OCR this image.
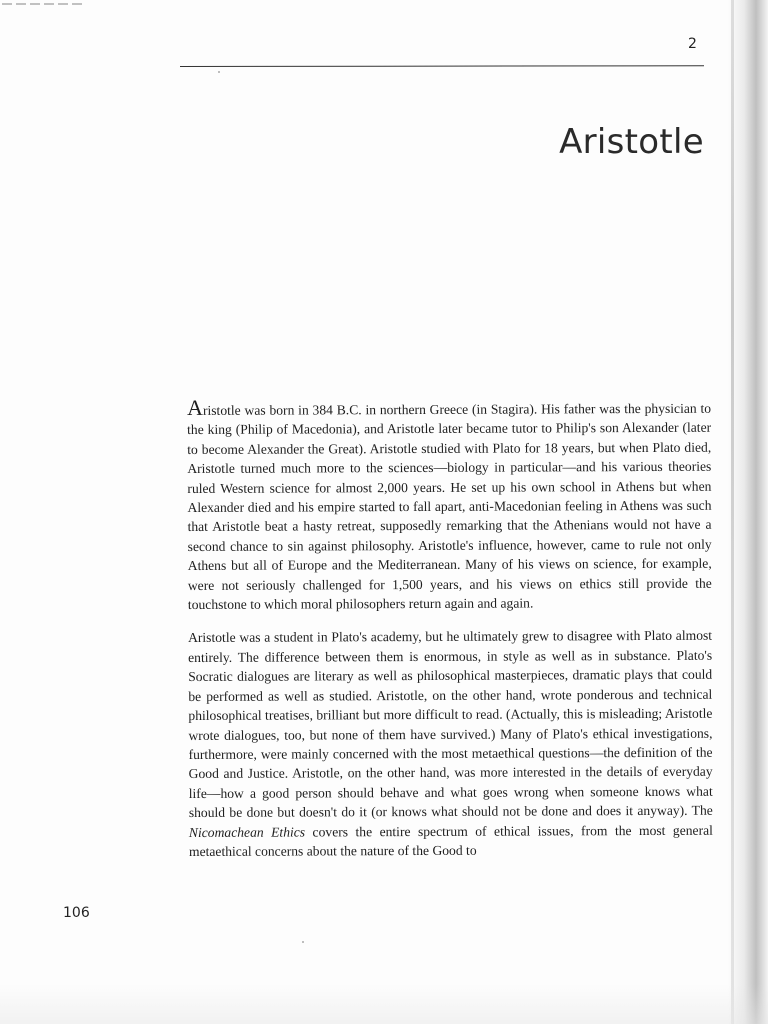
2
Aristotle

Aristotle was born in 384 B.C. in northern Greece (in Stagira). His father was the physician to the king (Philip of Macedonia), and Aristotle later became tutor to Philip's son Alexander (later to become Alexander the Great). Aristotle studied with Plato for 18 years, but when Plato died, Aristotle turned much more to the sciences—biology in particular—and his various theories ruled Western science for almost 2,000 years. He set up his own school in Athens but when Alexander died and his empire started to fall apart, anti-Macedonian feeling in Athens was such that Aristotle beat a hasty retreat, supposedly remarking that the Athenians would not have a second chance to sin against philosophy. Aristotle's influence, however, came to rule not only Athens but all of Europe and the Mediterranean. Many of his views on science, for example, were not seriously challenged for 1,500 years, and his views on ethics still provide the touchstone to which moral philosophers return again and again.

Aristotle was a student in Plato's academy, but he ultimately grew to disagree with Plato almost entirely. The difference between them is enormous, in style as well as in substance. Plato's Socratic dialogues are literary as well as philosophical masterpieces, dramatic plays that could be performed as well as studied. Aristotle, on the other hand, wrote ponderous and technical philosophical treatises, brilliant but more difficult to read. (Actually, this is misleading; Aristotle wrote dialogues, too, but none of them have survived.) Many of Plato's ethical investigations, furthermore, were mainly concerned with the most metaethical questions—the definition of the Good and Justice. Aristotle, on the other hand, was more interested in the details of everyday life—how a good person should behave and what goes wrong when someone knows what should be done but doesn't do it (or knows what should not be done and does it anyway). The Nicomachean Ethics covers the entire spectrum of ethical issues, from the most general metaethical concerns about the nature of the Good to

106
